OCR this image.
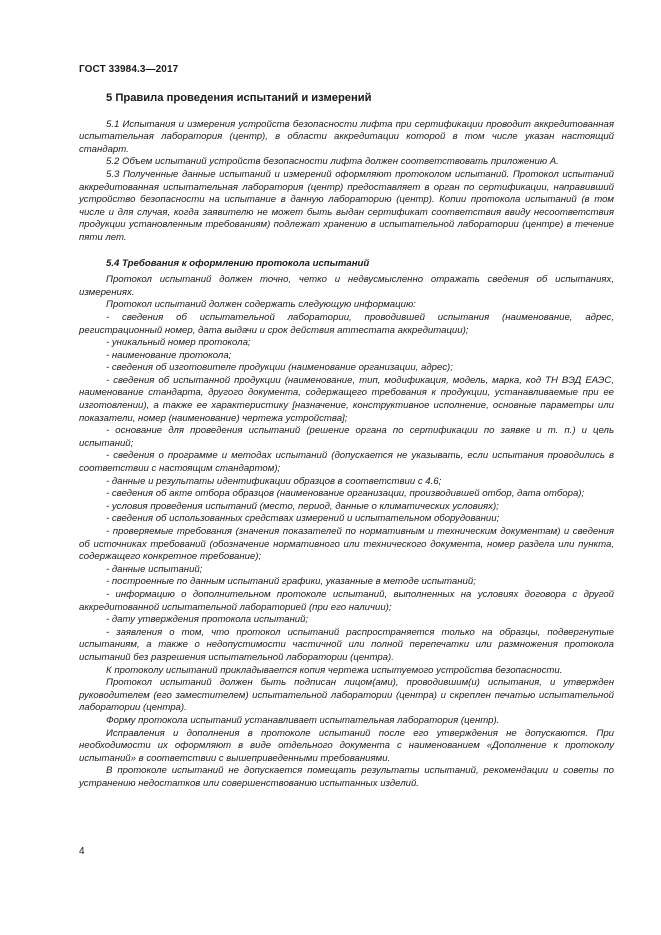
ГОСТ 33984.3—2017

5 Правила проведения испытаний и измерений

5.1 Испытания и измерения устройств безопасности лифта при сертификации проводит аккредитованная испытательная лаборатория (центр), в области аккредитации которой в том числе указан настоящий стандарт.

5.2 Объем испытаний устройств безопасности лифта должен соответствовать приложению А.

5.3 Полученные данные испытаний и измерений оформляют протоколом испытаний. Протокол испытаний аккредитованная испытательная лаборатория (центр) предоставляет в орган по сертификации, направивший устройство безопасности на испытание в данную лабораторию (центр). Копии протокола испытаний (в том числе и для случая, когда заявителю не может быть выдан сертификат соответствия ввиду несоответствия продукции установленным требованиям) подлежат хранению в испытательной лаборатории (центре) в течение пяти лет.

5.4 Требования к оформлению протокола испытаний

Протокол испытаний должен точно, четко и недвусмысленно отражать сведения об испытаниях, измерениях.

Протокол испытаний должен содержать следующую информацию:

- сведения об испытательной лаборатории, проводившей испытания (наименование, адрес, регистрационный номер, дата выдачи и срок действия аттестата аккредитации);

- уникальный номер протокола;

- наименование протокола;

- сведения об изготовителе продукции (наименование организации, адрес);

- сведения об испытанной продукции (наименование, тип, модификация, модель, марка, код ТН ВЭД ЕАЭС, наименование стандарта, другого документа, содержащего требования к продукции, устанавливаемые при ее изготовлении), а также ее характеристику [назначение, конструктивное исполнение, основные параметры или показатели, номер (наименование) чертежа устройства];

- основание для проведения испытаний (решение органа по сертификации по заявке и т. п.) и цель испытаний;

- сведения о программе и методах испытаний (допускается не указывать, если испытания проводились в соответствии с настоящим стандартом);

- данные и результаты идентификации образцов в соответствии с 4.6;

- сведения об акте отбора образцов (наименование организации, производившей отбор, дата отбора);

- условия проведения испытаний (место, период, данные о климатических условиях);

- сведения об использованных средствах измерений и испытательном оборудовании;

- проверяемые требования (значения показателей по нормативным и техническим документам) и сведения об источниках требований (обозначение нормативного или технического документа, номер раздела или пункта, содержащего конкретное требование);

- данные испытаний;

- построенные по данным испытаний графики, указанные в методе испытаний;

- информацию о дополнительном протоколе испытаний, выполненных на условиях договора с другой аккредитованной испытательной лабораторией (при его наличии);

- дату утверждения протокола испытаний;

- заявления о том, что протокол испытаний распространяется только на образцы, подвергнутые испытаниям, а также о недопустимости частичной или полной перепечатки или размножения протокола испытаний без разрешения испытательной лаборатории (центра).

К протоколу испытаний прикладывается копия чертежа испытуемого устройства безопасности.

Протокол испытаний должен быть подписан лицом(ами), проводившим(и) испытания, и утвержден руководителем (его заместителем) испытательной лаборатории (центра) и скреплен печатью испытательной лаборатории (центра).

Форму протокола испытаний устанавливает испытательная лаборатория (центр).

Исправления и дополнения в протоколе испытаний после его утверждения не допускаются. При необходимости их оформляют в виде отдельного документа с наименованием «Дополнение к протоколу испытаний» в соответствии с вышеприведенными требованиями.

В протоколе испытаний не допускается помещать результаты испытаний, рекомендации и советы по устранению недостатков или совершенствованию испытанных изделий.

4
